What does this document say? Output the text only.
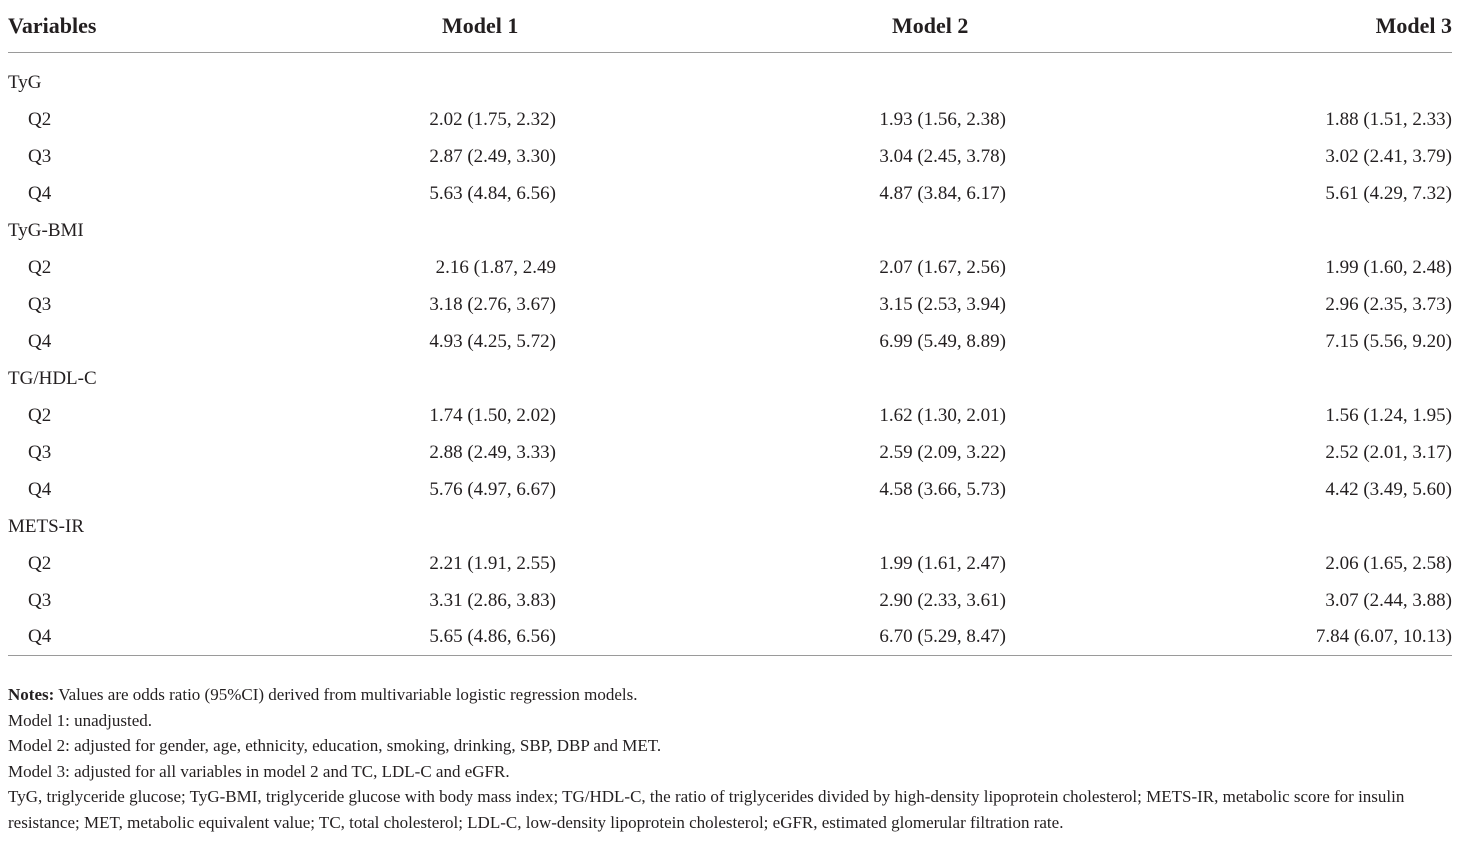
Variables	Model 1	Model 2	Model 3

TyG			
Q2	2.02 (1.75, 2.32)	1.93 (1.56, 2.38)	1.88 (1.51, 2.33)
Q3	2.87 (2.49, 3.30)	3.04 (2.45, 3.78)	3.02 (2.41, 3.79)
Q4	5.63 (4.84, 6.56)	4.87 (3.84, 6.17)	5.61 (4.29, 7.32)
TyG-BMI			
Q2	2.16 (1.87, 2.49	2.07 (1.67, 2.56)	1.99 (1.60, 2.48)
Q3	3.18 (2.76, 3.67)	3.15 (2.53, 3.94)	2.96 (2.35, 3.73)
Q4	4.93 (4.25, 5.72)	6.99 (5.49, 8.89)	7.15 (5.56, 9.20)
TG/HDL-C			
Q2	1.74 (1.50, 2.02)	1.62 (1.30, 2.01)	1.56 (1.24, 1.95)
Q3	2.88 (2.49, 3.33)	2.59 (2.09, 3.22)	2.52 (2.01, 3.17)
Q4	5.76 (4.97, 6.67)	4.58 (3.66, 5.73)	4.42 (3.49, 5.60)
METS-IR			
Q2	2.21 (1.91, 2.55)	1.99 (1.61, 2.47)	2.06 (1.65, 2.58)
Q3	3.31 (2.86, 3.83)	2.90 (2.33, 3.61)	3.07 (2.44, 3.88)
Q4	5.65 (4.86, 6.56)	6.70 (5.29, 8.47)	7.84 (6.07, 10.13)

Notes: Values are odds ratio (95%CI) derived from multivariable logistic regression models.

Model 1: unadjusted.

Model 2: adjusted for gender, age, ethnicity, education, smoking, drinking, SBP, DBP and MET.

Model 3: adjusted for all variables in model 2 and TC, LDL-C and eGFR.

TyG, triglyceride glucose; TyG-BMI, triglyceride glucose with body mass index; TG/HDL-C, the ratio of triglycerides divided by high-density lipoprotein cholesterol; METS-IR, metabolic score for insulin resistance; MET, metabolic equivalent value; TC, total cholesterol; LDL-C, low-density lipoprotein cholesterol; eGFR, estimated glomerular filtration rate.
